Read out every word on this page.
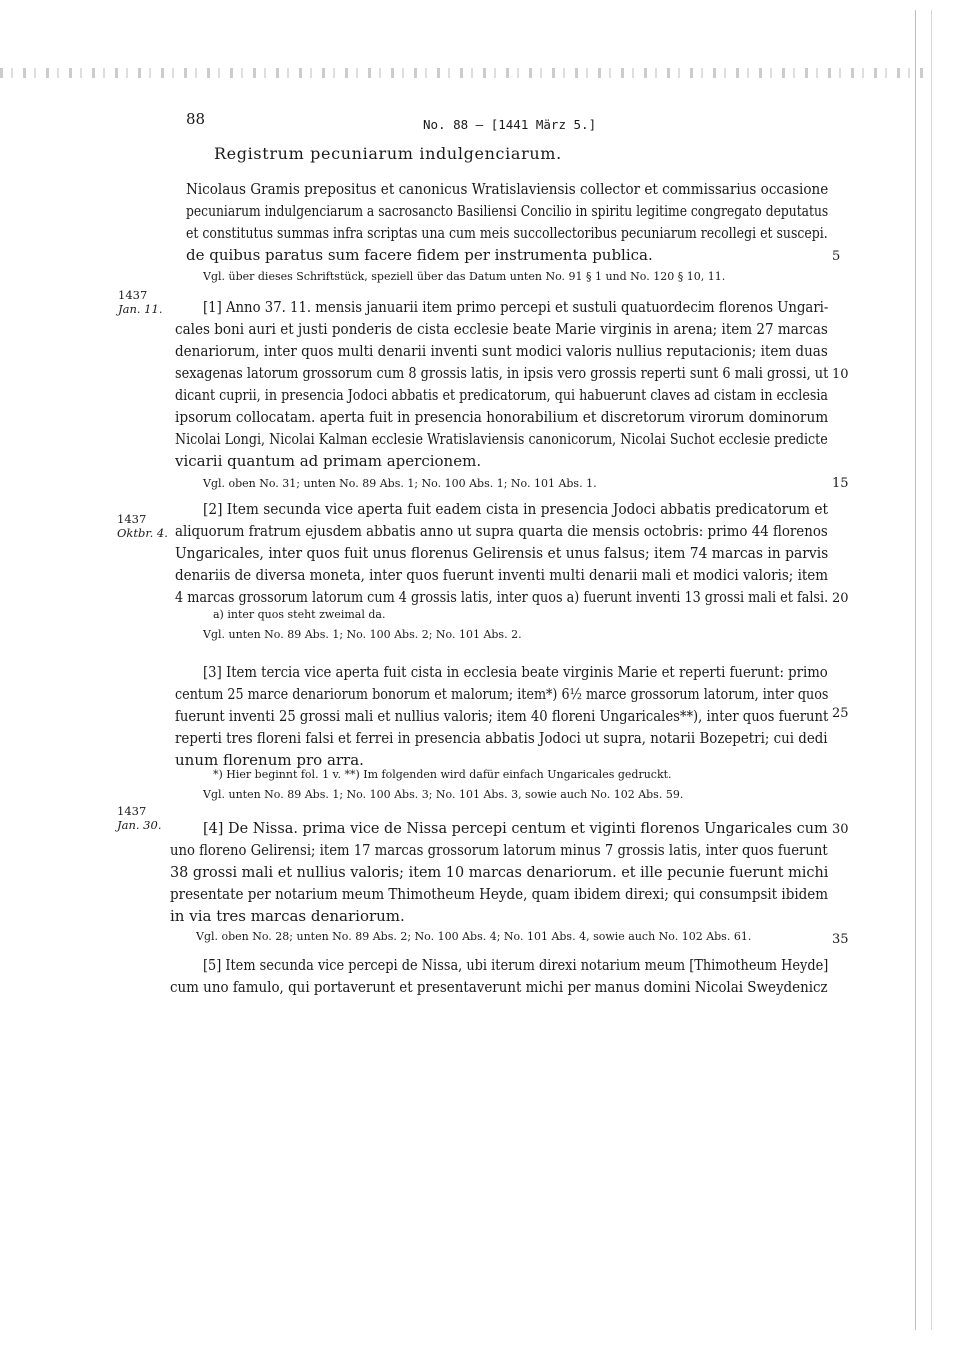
88	No. 88 — [1441 März 5.]
Registrum pecuniarum indulgenciarum.
Nicolaus Gramis prepositus et canonicus Wratislaviensis collector et commissarius occasione
pecuniarum indulgenciarum a sacrosancto Basiliensi Concilio in spiritu legitime congregato deputatus
et constitutus summas infra scriptas una cum meis succollectoribus pecuniarum recollegi et suscepi.
de quibus paratus sum facere fidem per instrumenta publica.
Vgl. über dieses Schriftstück, speziell über das Datum unten No. 91 § 1 und No. 120 § 10, 11.
1437
Jan. 11.	[1] Anno 37. 11. mensis januarii item primo percepi et sustuli quatuordecim florenos Ungari-
cales boni auri et justi ponderis de cista ecclesie beate Marie virginis in arena; item 27 marcas
denariorum, inter quos multi denarii inventi sunt modici valoris nullius reputacionis; item duas
sexagenas latorum grossorum cum 8 grossis latis, in ipsis vero grossis reperti sunt 6 mali grossi, ut
dicant cuprii, in presencia Jodoci abbatis et predicatorum, qui habuerunt claves ad cistam in ecclesia
ipsorum collocatam. aperta fuit in presencia honorabilium et discretorum virorum dominorum
Nicolai Longi, Nicolai Kalman ecclesie Wratislaviensis canonicorum, Nicolai Suchot ecclesie predicte
vicarii quantum ad primam apercionem.
Vgl. oben No. 31; unten No. 89 Abs. 1; No. 100 Abs. 1; No. 101 Abs. 1.
1437
Oktbr. 4.
[2] Item secunda vice aperta fuit eadem cista in presencia Jodoci abbatis predicatorum et
aliquorum fratrum ejusdem abbatis anno ut supra quarta die mensis octobris: primo 44 florenos
Ungaricales, inter quos fuit unus florenus Gelirensis et unus falsus; item 74 marcas in parvis
denariis de diversa moneta, inter quos fuerunt inventi multi denarii mali et modici valoris; item
4 marcas grossorum latorum cum 4 grossis latis, inter quos a) fuerunt inventi 13 grossi mali et falsi.
a) inter quos steht zweimal da.
Vgl. unten No. 89 Abs. 1; No. 100 Abs. 2; No. 101 Abs. 2.
[3] Item tercia vice aperta fuit cista in ecclesia beate virginis Marie et reperti fuerunt: primo
centum 25 marce denariorum bonorum et malorum; item*) 6½ marce grossorum latorum, inter quos
fuerunt inventi 25 grossi mali et nullius valoris; item 40 floreni Ungaricales**), inter quos fuerunt
reperti tres floreni falsi et ferrei in presencia abbatis Jodoci ut supra, notarii Bozepetri; cui dedi
unum florenum pro arra.
*) Hier beginnt fol. 1 v. **) Im folgenden wird dafür einfach Ungaricales gedruckt.
Vgl. unten No. 89 Abs. 1; No. 100 Abs. 3; No. 101 Abs. 3, sowie auch No. 102 Abs. 59.
1437
Jan. 30.	[4] De Nissa. prima vice de Nissa percepi centum et viginti florenos Ungaricales cum
uno floreno Gelirensi; item 17 marcas grossorum latorum minus 7 grossis latis, inter quos fuerunt
38 grossi mali et nullius valoris; item 10 marcas denariorum. et ille pecunie fuerunt michi
presentate per notarium meum Thimotheum Heyde, quam ibidem direxi; qui consumpsit ibidem
in via tres marcas denariorum.
Vgl. oben No. 28; unten No. 89 Abs. 2; No. 100 Abs. 4; No. 101 Abs. 4, sowie auch No. 102 Abs. 61.
[5] Item secunda vice percepi de Nissa, ubi iterum direxi notarium meum [Thimotheum Heyde]
cum uno famulo, qui portaverunt et presentaverunt michi per manus domini Nicolai Sweydenicz
5
10
15
20
25
30
35
